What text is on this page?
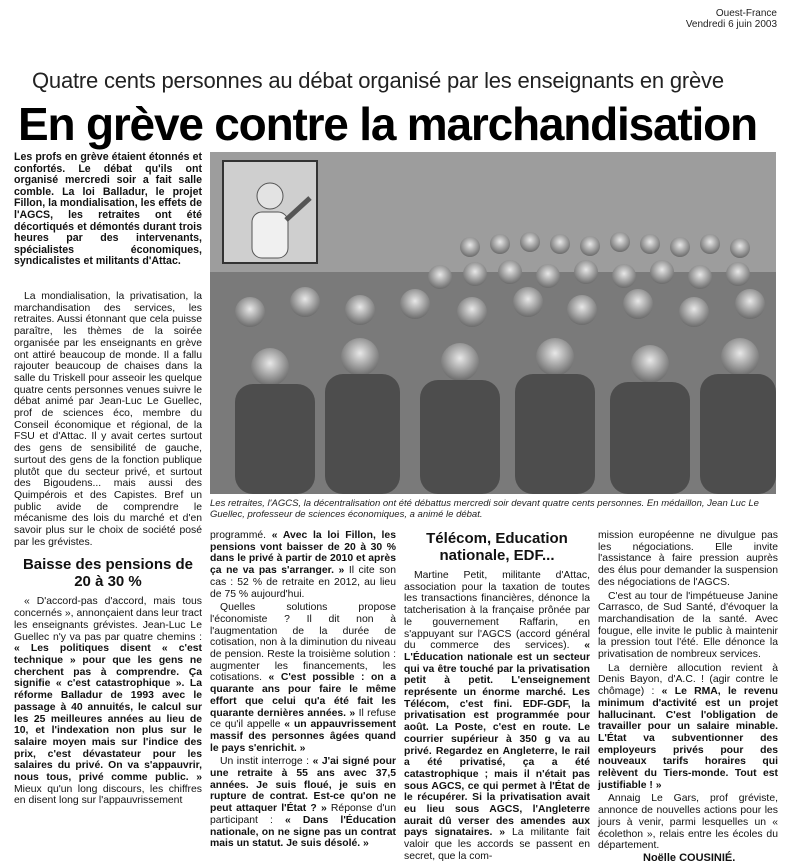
Ouest-France
Vendredi 6 juin 2003
Quatre cents personnes au débat organisé par les enseignants en grève
En grève contre la marchandisation

Les profs en grève étaient étonnés et confortés. Le débat qu'ils ont organisé mercredi soir a fait salle comble. La loi Balladur, le projet Fillon, la mondialisation, les effets de l'AGCS, les retraites ont été décortiqués et démontés durant trois heures par des intervenants, spécialistes économiques, syndicalistes et militants d'Attac.

La mondialisation, la privatisation, la marchandisation des services, les retraites. Aussi étonnant que cela puisse paraître, les thèmes de la soirée organisée par les enseignants en grève ont attiré beaucoup de monde. Il a fallu rajouter beaucoup de chaises dans la salle du Triskell pour asseoir les quelque quatre cents personnes venues suivre le débat animé par Jean-Luc Le Guellec, prof de sciences éco, membre du Conseil économique et régional, de la FSU et d'Attac. Il y avait certes surtout des gens de sensibilité de gauche, surtout des gens de la fonction publique plutôt que du secteur privé, et surtout des Bigoudens... mais aussi des Quimpérois et des Capistes. Bref un public avide de comprendre le mécanisme des lois du marché et d'en savoir plus sur le choix de société posé par les grévistes.

Baisse des pensions de 20 à 30 %

« D'accord-pas d'accord, mais tous concernés », annonçaient dans leur tract les enseignants grévistes. Jean-Luc Le Guellec n'y va pas par quatre chemins : « Les politiques disent « c'est technique » pour que les gens ne cherchent pas à comprendre. Ça signifie « c'est catastrophique ». La réforme Balladur de 1993 avec le passage à 40 annuités, le calcul sur les 25 meilleures années au lieu de 10, et l'indexation non plus sur le salaire moyen mais sur l'indice des prix, c'est dévastateur pour les salaires du privé. On va s'appauvrir, nous tous, privé comme public. » Mieux qu'un long discours, les chiffres en disent long sur l'appauvrissement

Les retraites, l'AGCS, la décentralisation ont été débattus mercredi soir devant quatre cents personnes. En médaillon, Jean Luc Le Guellec, professeur de sciences économiques, a animé le débat.

programmé. « Avec la loi Fillon, les pensions vont baisser de 20 à 30 % dans le privé à partir de 2010 et après ça ne va pas s'arranger. » Il cite son cas : 52 % de retraite en 2012, au lieu de 75 % aujourd'hui.

Quelles solutions propose l'économiste ? Il dit non à l'augmentation de la durée de cotisation, non à la diminution du niveau de pension. Reste la troisième solution : augmenter les financements, les cotisations. « C'est possible : on a quarante ans pour faire le même effort que celui qu'a été fait les quarante dernières années. » Il refuse ce qu'il appelle « un appauvrissement massif des personnes âgées quand le pays s'enrichit. »

Un instit interroge : « J'ai signé pour une retraite à 55 ans avec 37,5 années. Je suis floué, je suis en rupture de contrat. Est-ce qu'on ne peut attaquer l'État ? » Réponse d'un participant : « Dans l'Éducation nationale, on ne signe pas un contrat mais un statut. Je suis désolé. »

Télécom, Education nationale, EDF...

Martine Petit, militante d'Attac, association pour la taxation de toutes les transactions financières, dénonce la tatcherisation à la française prônée par le gouvernement Raffarin, en s'appuyant sur l'AGCS (accord général du commerce des services). « L'Éducation nationale est un secteur qui va être touché par la privatisation petit à petit. L'enseignement représente un énorme marché. Les Télécom, c'est fini. EDF-GDF, la privatisation est programmée pour août. La Poste, c'est en route. Le courrier supérieur à 350 g va au privé. Regardez en Angleterre, le rail a été privatisé, ça a été catastrophique ; mais il n'était pas sous AGCS, ce qui permet à l'État de le récupérer. Si la privatisation avait eu lieu sous AGCS, l'Angleterre aurait dû verser des amendes aux pays signataires. » La militante fait valoir que les accords se passent en secret, que la com-

mission européenne ne divulgue pas les négociations. Elle invite l'assistance à faire pression auprès des élus pour demander la suspension des négociations de l'AGCS.

C'est au tour de l'impétueuse Janine Carrasco, de Sud Santé, d'évoquer la marchandisation de la santé. Avec fougue, elle invite le public à maintenir la pression tout l'été. Elle dénonce la privatisation de nombreux services.

La dernière allocution revient à Denis Bayon, d'A.C. ! (agir contre le chômage) : « Le RMA, le revenu minimum d'activité est un projet hallucinant. C'est l'obligation de travailler pour un salaire minable. L'État va subventionner des employeurs privés pour des nouveaux tarifs horaires qui relèvent du Tiers-monde. Tout est justifiable ! »

Annaig Le Gars, prof gréviste, annonce de nouvelles actions pour les jours à venir, parmi lesquelles un « écolethon », relais entre les écoles du département.

Noëlle COUSINIÉ.
